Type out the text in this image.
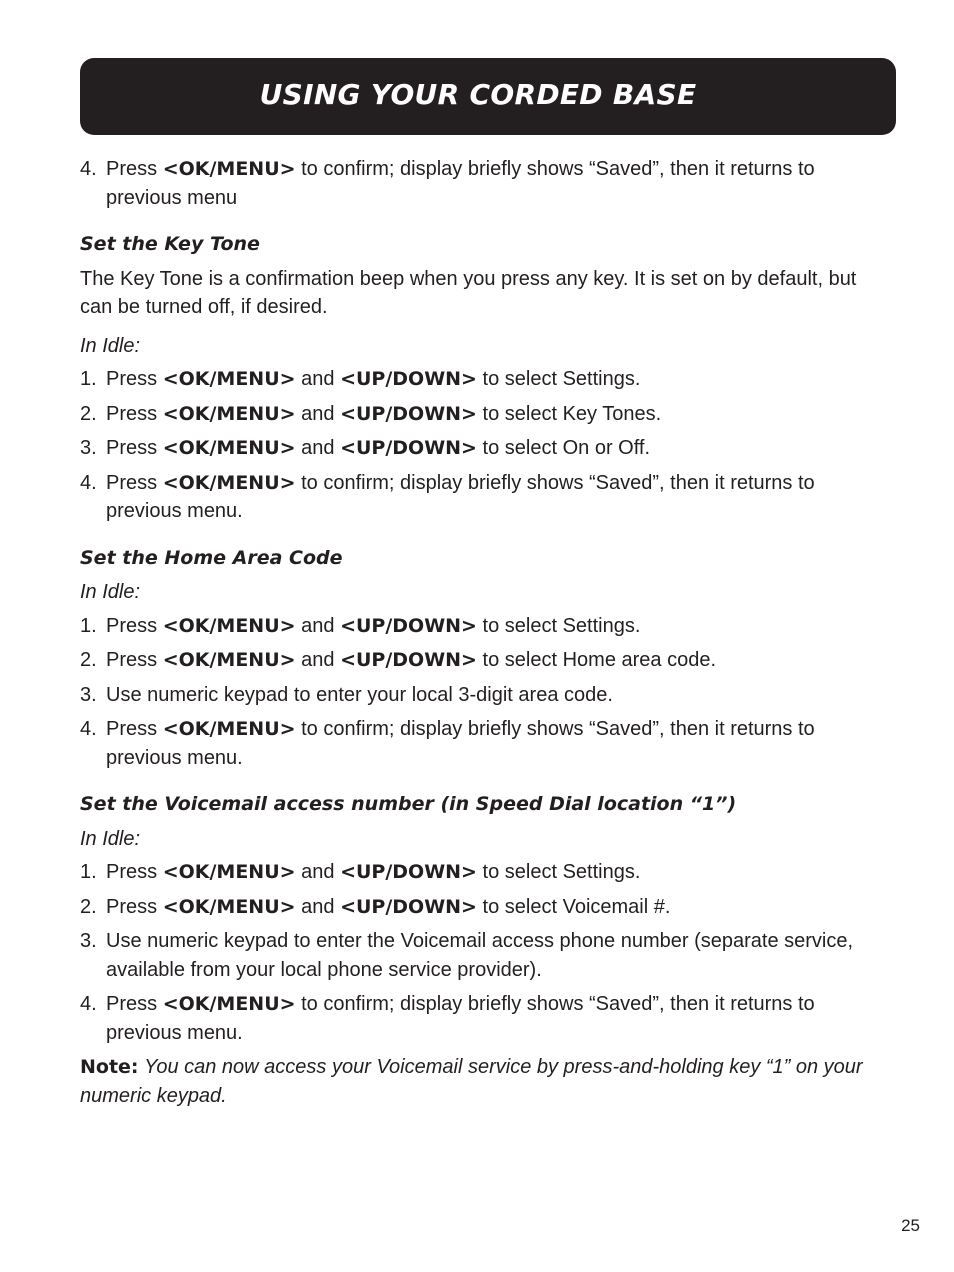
USING YOUR CORDED BASE
4. Press <OK/MENU> to confirm; display briefly shows “Saved”, then it returns to previous menu
Set the Key Tone

The Key Tone is a confirmation beep when you press any key. It is set on by default, but can be turned off, if desired.

In Idle:

1. Press <OK/MENU> and <UP/DOWN> to select Settings.
2. Press <OK/MENU> and <UP/DOWN> to select Key Tones.
3. Press <OK/MENU> and <UP/DOWN> to select On or Off.
4. Press <OK/MENU> to confirm; display briefly shows “Saved”, then it returns to previous menu.
Set the Home Area Code

In Idle:

1. Press <OK/MENU> and <UP/DOWN> to select Settings.
2. Press <OK/MENU> and <UP/DOWN> to select Home area code.
3. Use numeric keypad to enter your local 3-digit area code.
4. Press <OK/MENU> to confirm; display briefly shows “Saved”, then it returns to previous menu.
Set the Voicemail access number (in Speed Dial location “1”)

In Idle:

1. Press <OK/MENU> and <UP/DOWN> to select Settings.
2. Press <OK/MENU> and <UP/DOWN> to select Voicemail #.
3. Use numeric keypad to enter the Voicemail access phone number (separate service, available from your local phone service provider).
4. Press <OK/MENU> to confirm; display briefly shows “Saved”, then it returns to previous menu.

Note: You can now access your Voicemail service by press-and-holding key “1” on your numeric keypad.

25
